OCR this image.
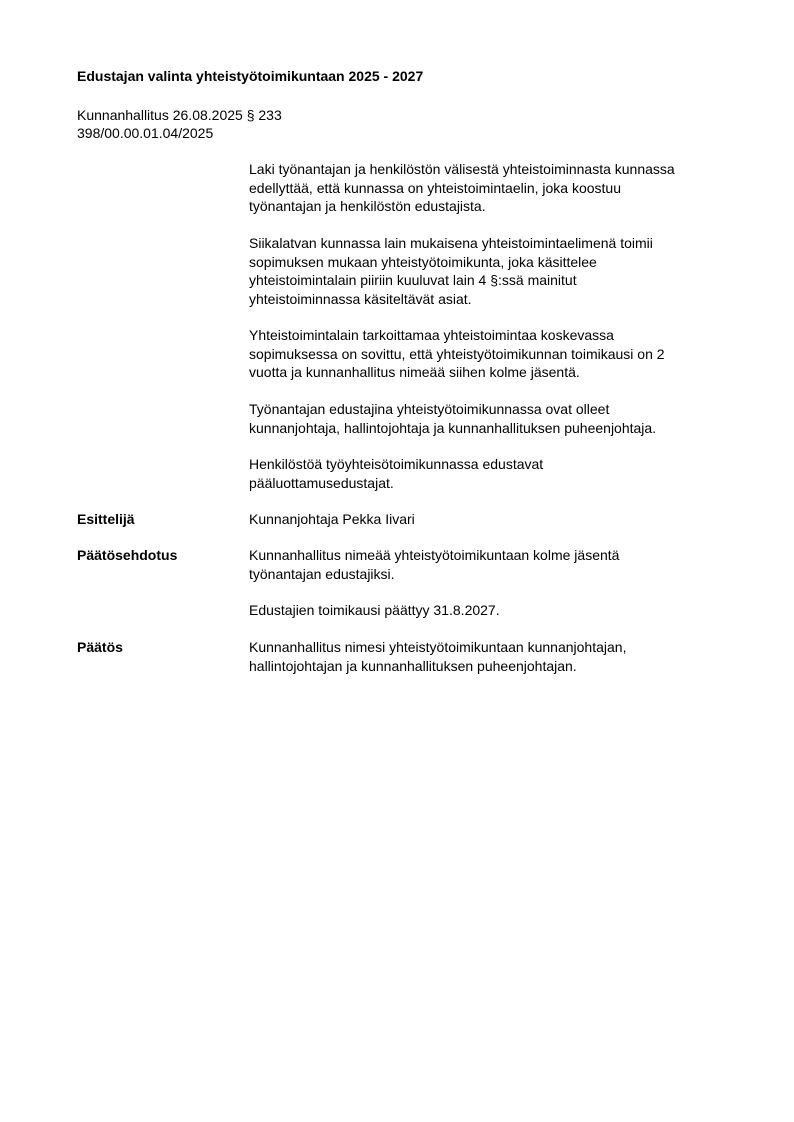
Edustajan valinta yhteistyötoimikuntaan 2025 - 2027
Kunnanhallitus 26.08.2025 § 233
398/00.00.01.04/2025
Laki työnantajan ja henkilöstön välisestä yhteistoiminnasta kunnassa
edellyttää, että kunnassa on yhteistoimintaelin, joka koostuu
työnantajan ja henkilöstön edustajista.
Siikalatvan kunnassa lain mukaisena yhteistoimintaelimenä toimii
sopimuksen mukaan yhteistyötoimikunta, joka käsittelee
yhteistoimintalain piiriin kuuluvat lain 4 §:ssä mainitut
yhteistoiminnassa käsiteltävät asiat.
Yhteistoimintalain tarkoittamaa yhteistoimintaa koskevassa
sopimuksessa on sovittu, että yhteistyötoimikunnan toimikausi on 2
vuotta ja kunnanhallitus nimeää siihen kolme jäsentä.
Työnantajan edustajina yhteistyötoimikunnassa ovat olleet
kunnanjohtaja, hallintojohtaja ja kunnanhallituksen puheenjohtaja.
Henkilöstöä työyhteisötoimikunnassa edustavat
pääluottamusedustajat.
Esittelijä	Kunnanjohtaja Pekka Iivari
Päätösehdotus	Kunnanhallitus nimeää yhteistyötoimikuntaan kolme jäsentä
työnantajan edustajiksi.
Edustajien toimikausi päättyy 31.8.2027.
Päätös	Kunnanhallitus nimesi yhteistyötoimikuntaan kunnanjohtajan,
hallintojohtajan ja kunnanhallituksen puheenjohtajan.
